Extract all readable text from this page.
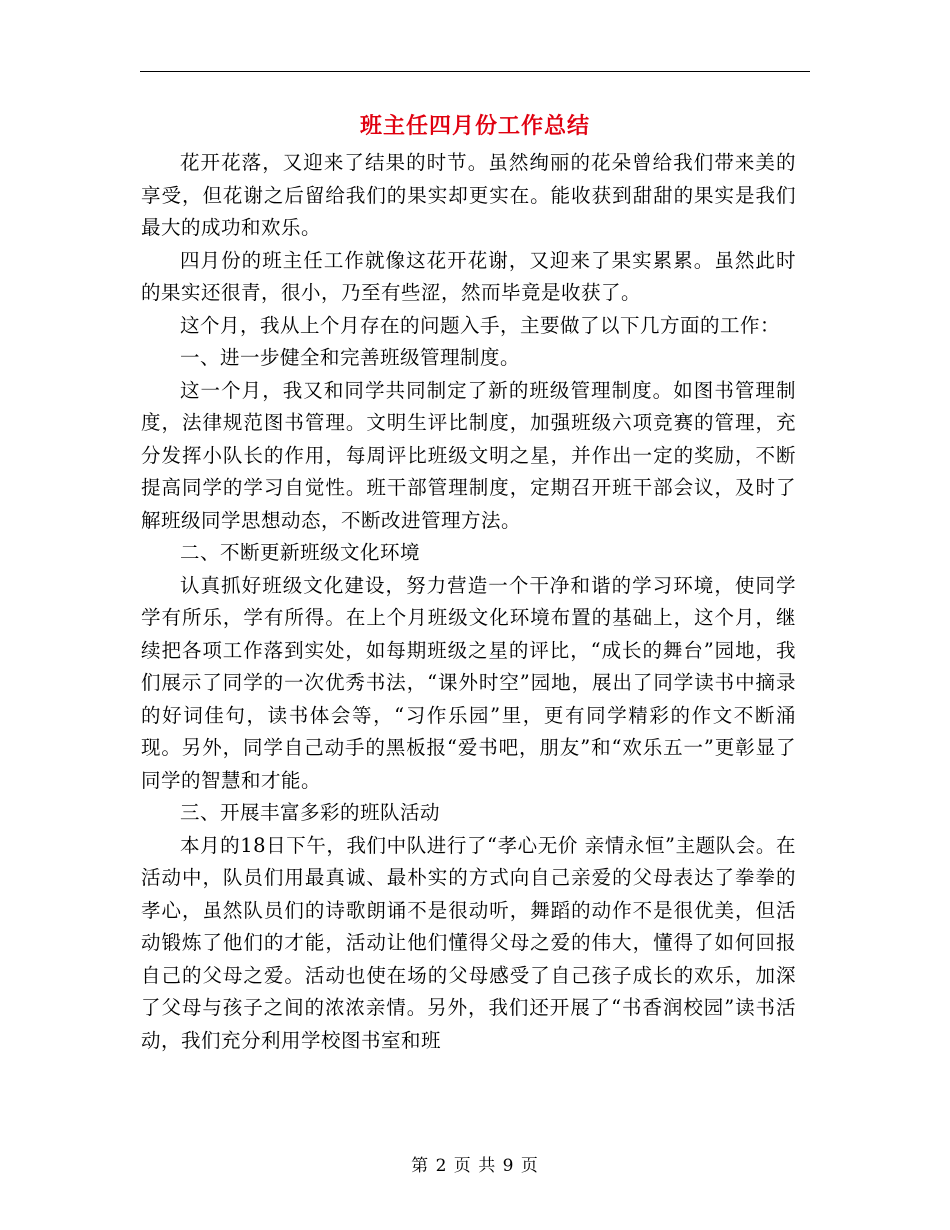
班主任四月份工作总结

花开花落，又迎来了结果的时节。虽然绚丽的花朵曾给我们带来美的享受，但花谢之后留给我们的果实却更实在。能收获到甜甜的果实是我们最大的成功和欢乐。

四月份的班主任工作就像这花开花谢，又迎来了果实累累。虽然此时的果实还很青，很小，乃至有些涩，然而毕竟是收获了。

这个月，我从上个月存在的问题入手，主要做了以下几方面的工作：

一、进一步健全和完善班级管理制度。

这一个月，我又和同学共同制定了新的班级管理制度。如图书管理制度，法律规范图书管理。文明生评比制度，加强班级六项竞赛的管理，充分发挥小队长的作用，每周评比班级文明之星，并作出一定的奖励，不断提高同学的学习自觉性。班干部管理制度，定期召开班干部会议，及时了解班级同学思想动态，不断改进管理方法。

二、不断更新班级文化环境

认真抓好班级文化建设，努力营造一个干净和谐的学习环境，使同学学有所乐，学有所得。在上个月班级文化环境布置的基础上，这个月，继续把各项工作落到实处，如每期班级之星的评比，“成长的舞台”园地，我们展示了同学的一次优秀书法，“课外时空”园地，展出了同学读书中摘录的好词佳句，读书体会等，“习作乐园”里，更有同学精彩的作文不断涌现。另外，同学自己动手的黑板报“爱书吧，朋友”和“欢乐五一”更彰显了同学的智慧和才能。

三、开展丰富多彩的班队活动

本月的18日下午，我们中队进行了“孝心无价 亲情永恒”主题队会。在活动中，队员们用最真诚、最朴实的方式向自己亲爱的父母表达了拳拳的孝心，虽然队员们的诗歌朗诵不是很动听，舞蹈的动作不是很优美，但活动锻炼了他们的才能，活动让他们懂得父母之爱的伟大，懂得了如何回报自己的父母之爱。活动也使在场的父母感受了自己孩子成长的欢乐，加深了父母与孩子之间的浓浓亲情。另外，我们还开展了“书香润校园”读书活动，我们充分利用学校图书室和班

第 2 页 共 9 页
